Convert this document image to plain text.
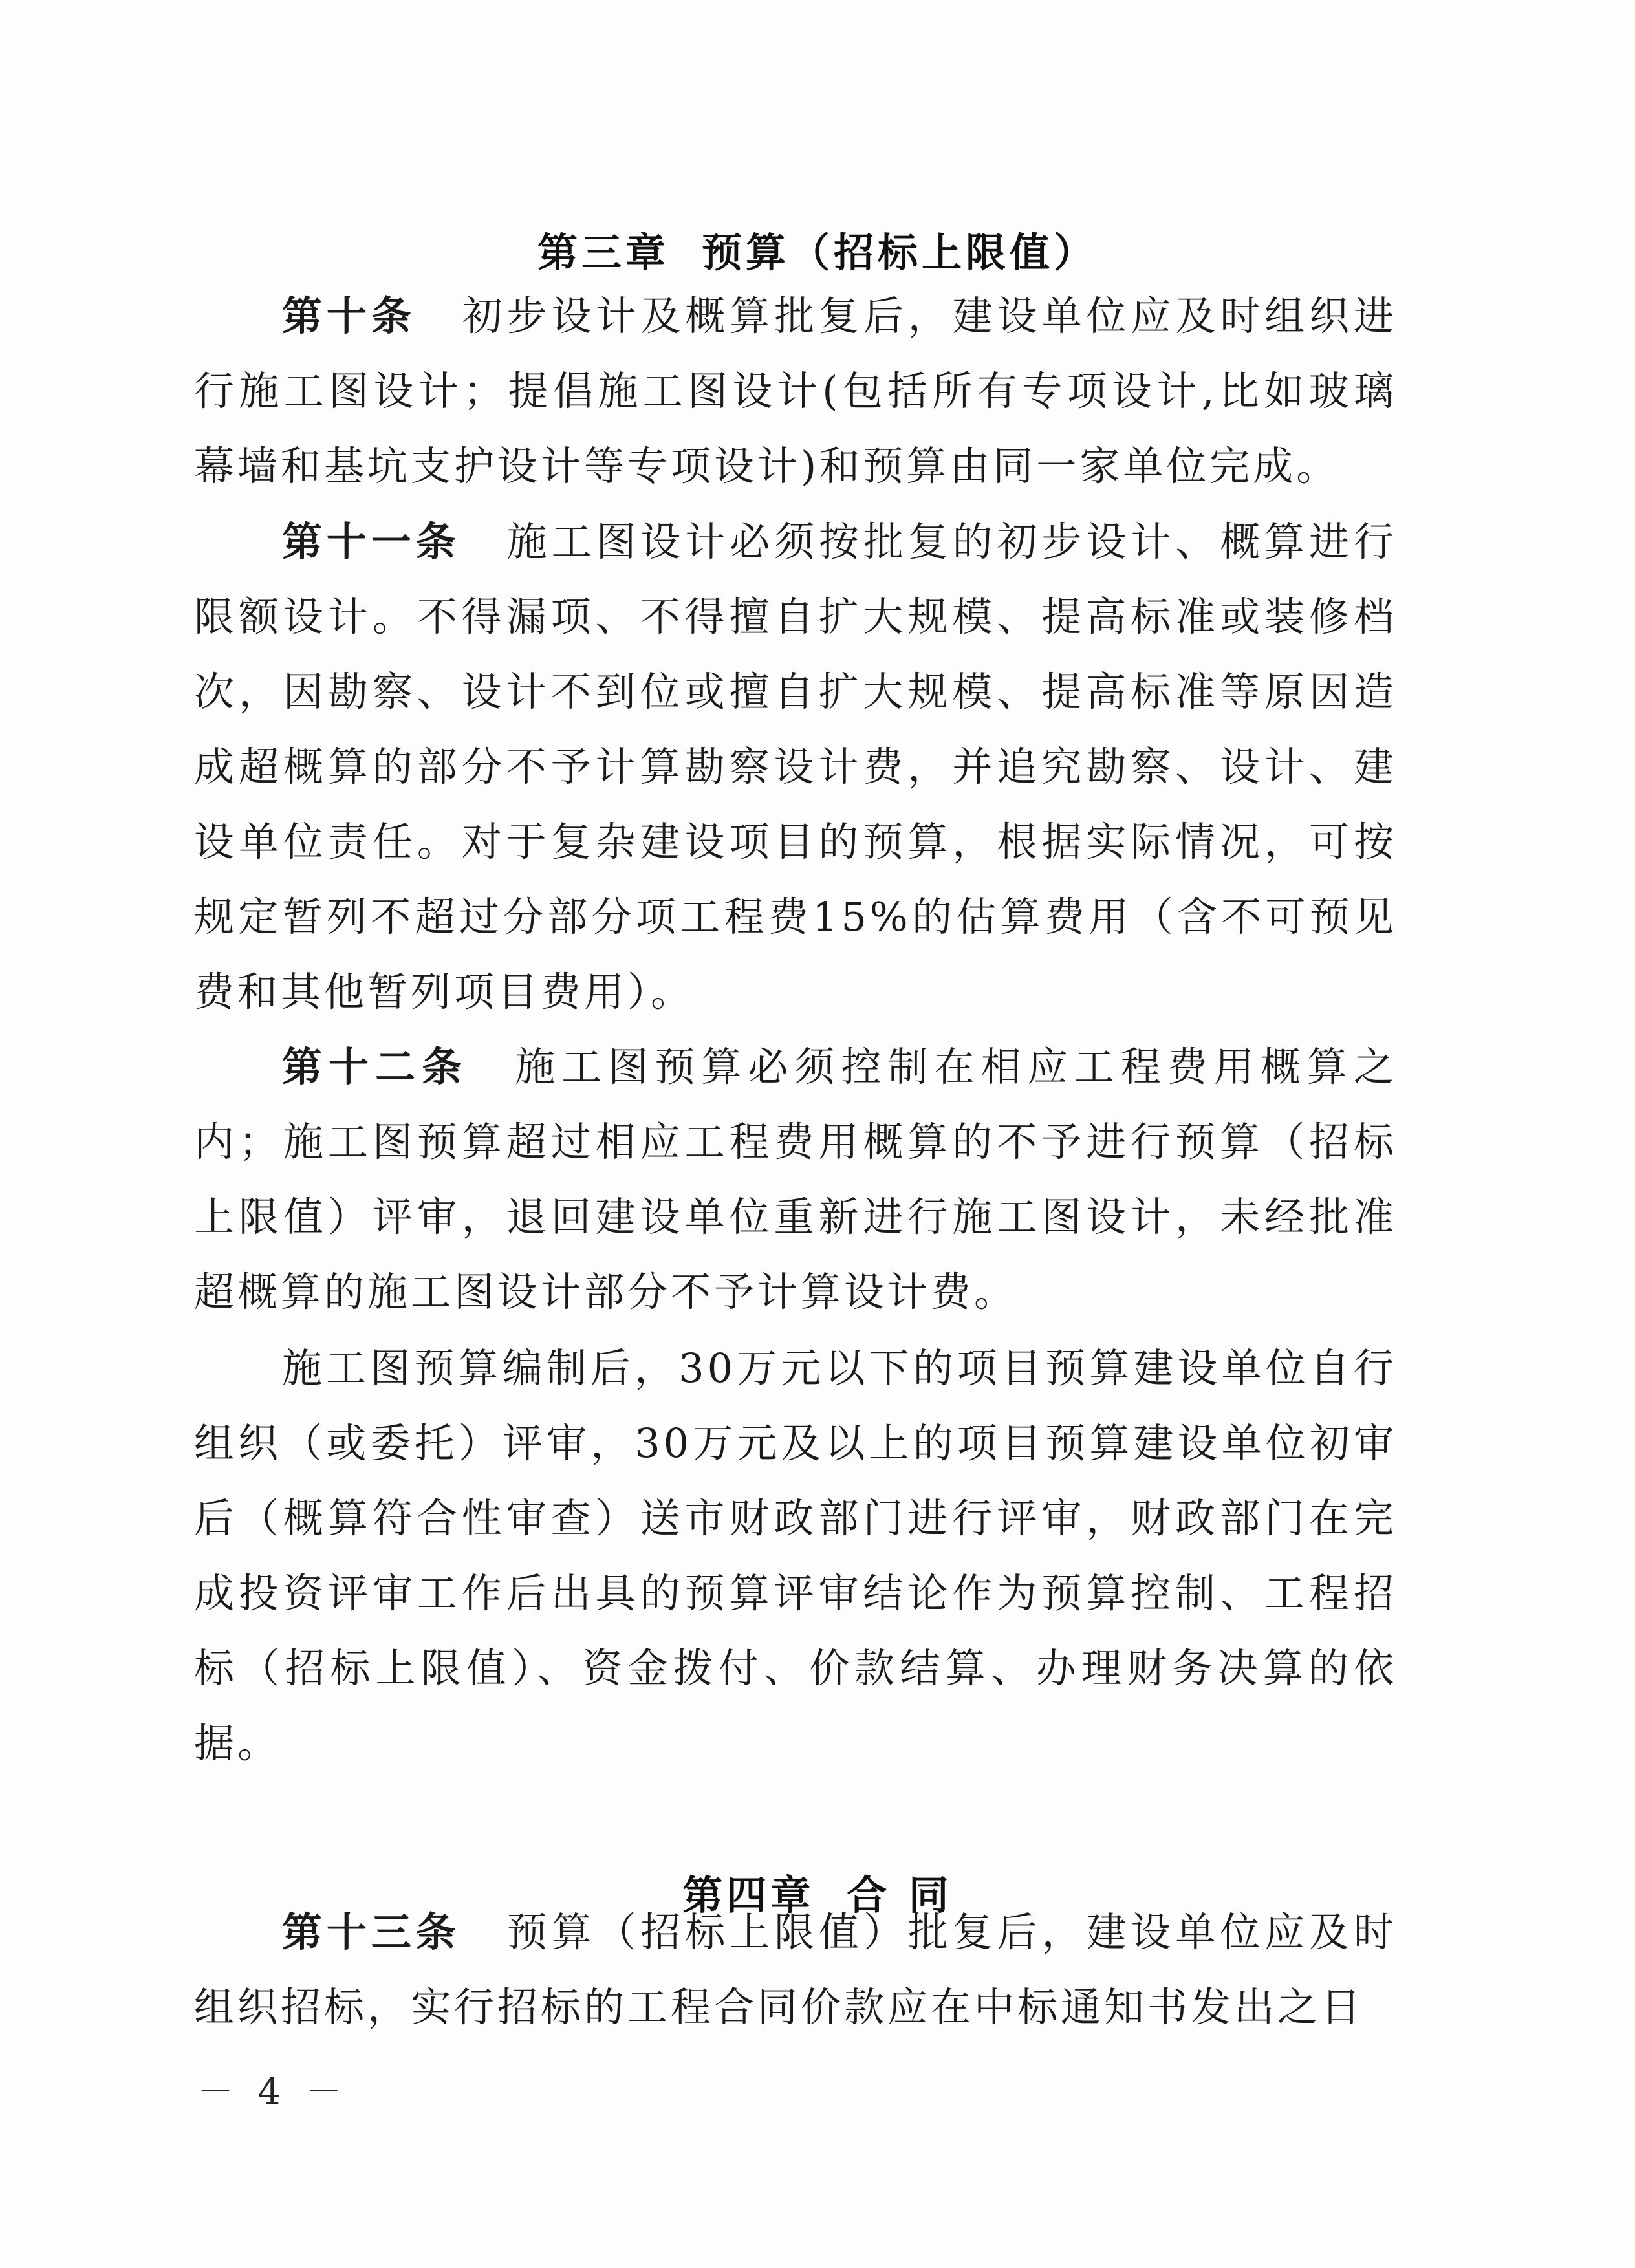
第三章 预算（招标上限值）

第十条 初步设计及概算批复后，建设单位应及时组织进行施工图设计；提倡施工图设计(包括所有专项设计,比如玻璃幕墙和基坑支护设计等专项设计)和预算由同一家单位完成。

第十一条 施工图设计必须按批复的初步设计、概算进行限额设计。不得漏项、不得擅自扩大规模、提高标准或装修档次，因勘察、设计不到位或擅自扩大规模、提高标准等原因造成超概算的部分不予计算勘察设计费，并追究勘察、设计、建设单位责任。对于复杂建设项目的预算，根据实际情况，可按规定暂列不超过分部分项工程费15%的估算费用（含不可预见费和其他暂列项目费用）。

第十二条 施工图预算必须控制在相应工程费用概算之内；施工图预算超过相应工程费用概算的不予进行预算（招标上限值）评审，退回建设单位重新进行施工图设计，未经批准超概算的施工图设计部分不予计算设计费。

施工图预算编制后，30万元以下的项目预算建设单位自行组织（或委托）评审，30万元及以上的项目预算建设单位初审后（概算符合性审查）送市财政部门进行评审，财政部门在完成投资评审工作后出具的预算评审结论作为预算控制、工程招标（招标上限值）、资金拨付、价款结算、办理财务决算的依据。

第四章 合 同

第十三条 预算（招标上限值）批复后，建设单位应及时组织招标，实行招标的工程合同价款应在中标通知书发出之日

－ 4 －
